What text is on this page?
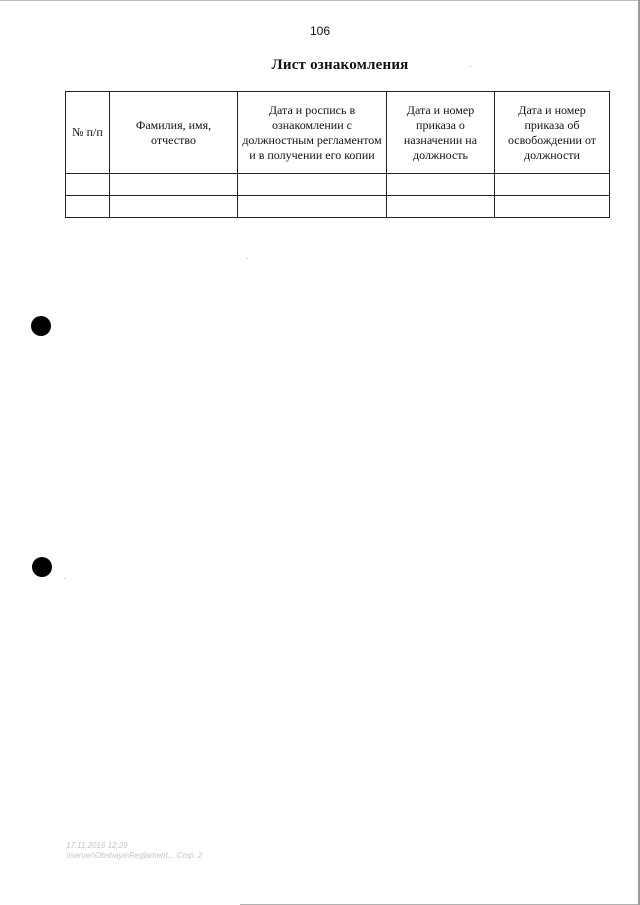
106
Лист ознакомления
№ п/п	Фамилия, имя, отчество	Дата и роспись в ознакомлении с должностным регламентом и в получении его копии	Дата и номер приказа о назначении на должность	Дата и номер приказа об освобождении от должности

17.11.2016 12:29
\\server\Obshaya\Reglament... Стр. 2
